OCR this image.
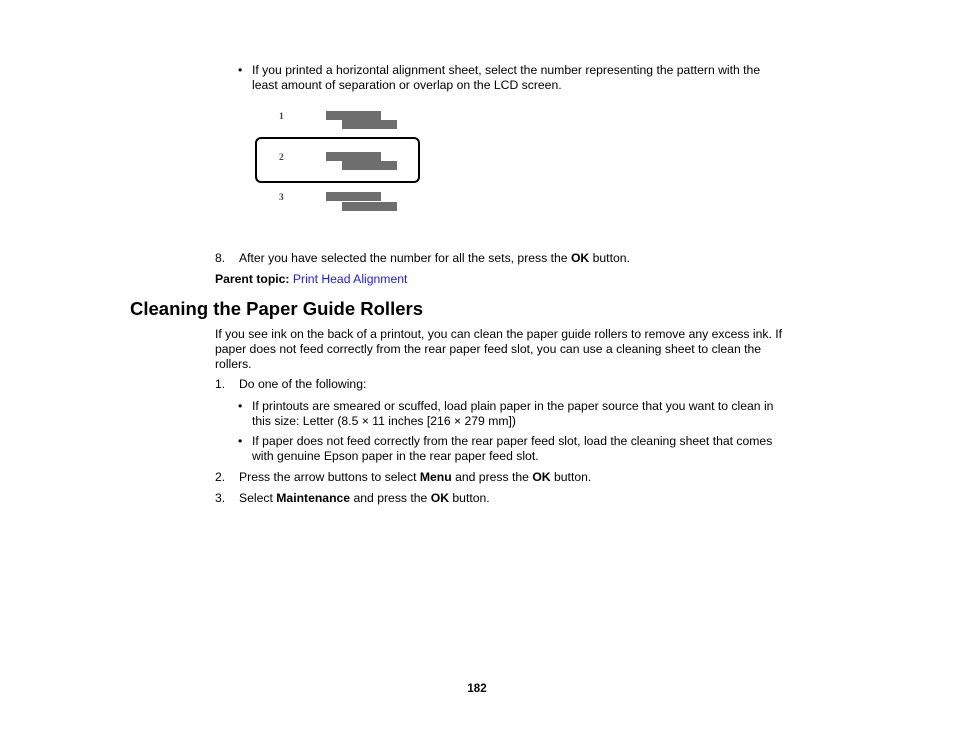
• If you printed a horizontal alignment sheet, select the number representing the pattern with the
least amount of separation or overlap on the LCD screen.
1
2
3
8. After you have selected the number for all the sets, press the OK button.
Parent topic: Print Head Alignment
Cleaning the Paper Guide Rollers
If you see ink on the back of a printout, you can clean the paper guide rollers to remove any excess ink. If
paper does not feed correctly from the rear paper feed slot, you can use a cleaning sheet to clean the
rollers.
1. Do one of the following:
• If printouts are smeared or scuffed, load plain paper in the paper source that you want to clean in
this size: Letter (8.5 × 11 inches [216 × 279 mm])
• If paper does not feed correctly from the rear paper feed slot, load the cleaning sheet that comes
with genuine Epson paper in the rear paper feed slot.
2. Press the arrow buttons to select Menu and press the OK button.
3. Select Maintenance and press the OK button.
182
